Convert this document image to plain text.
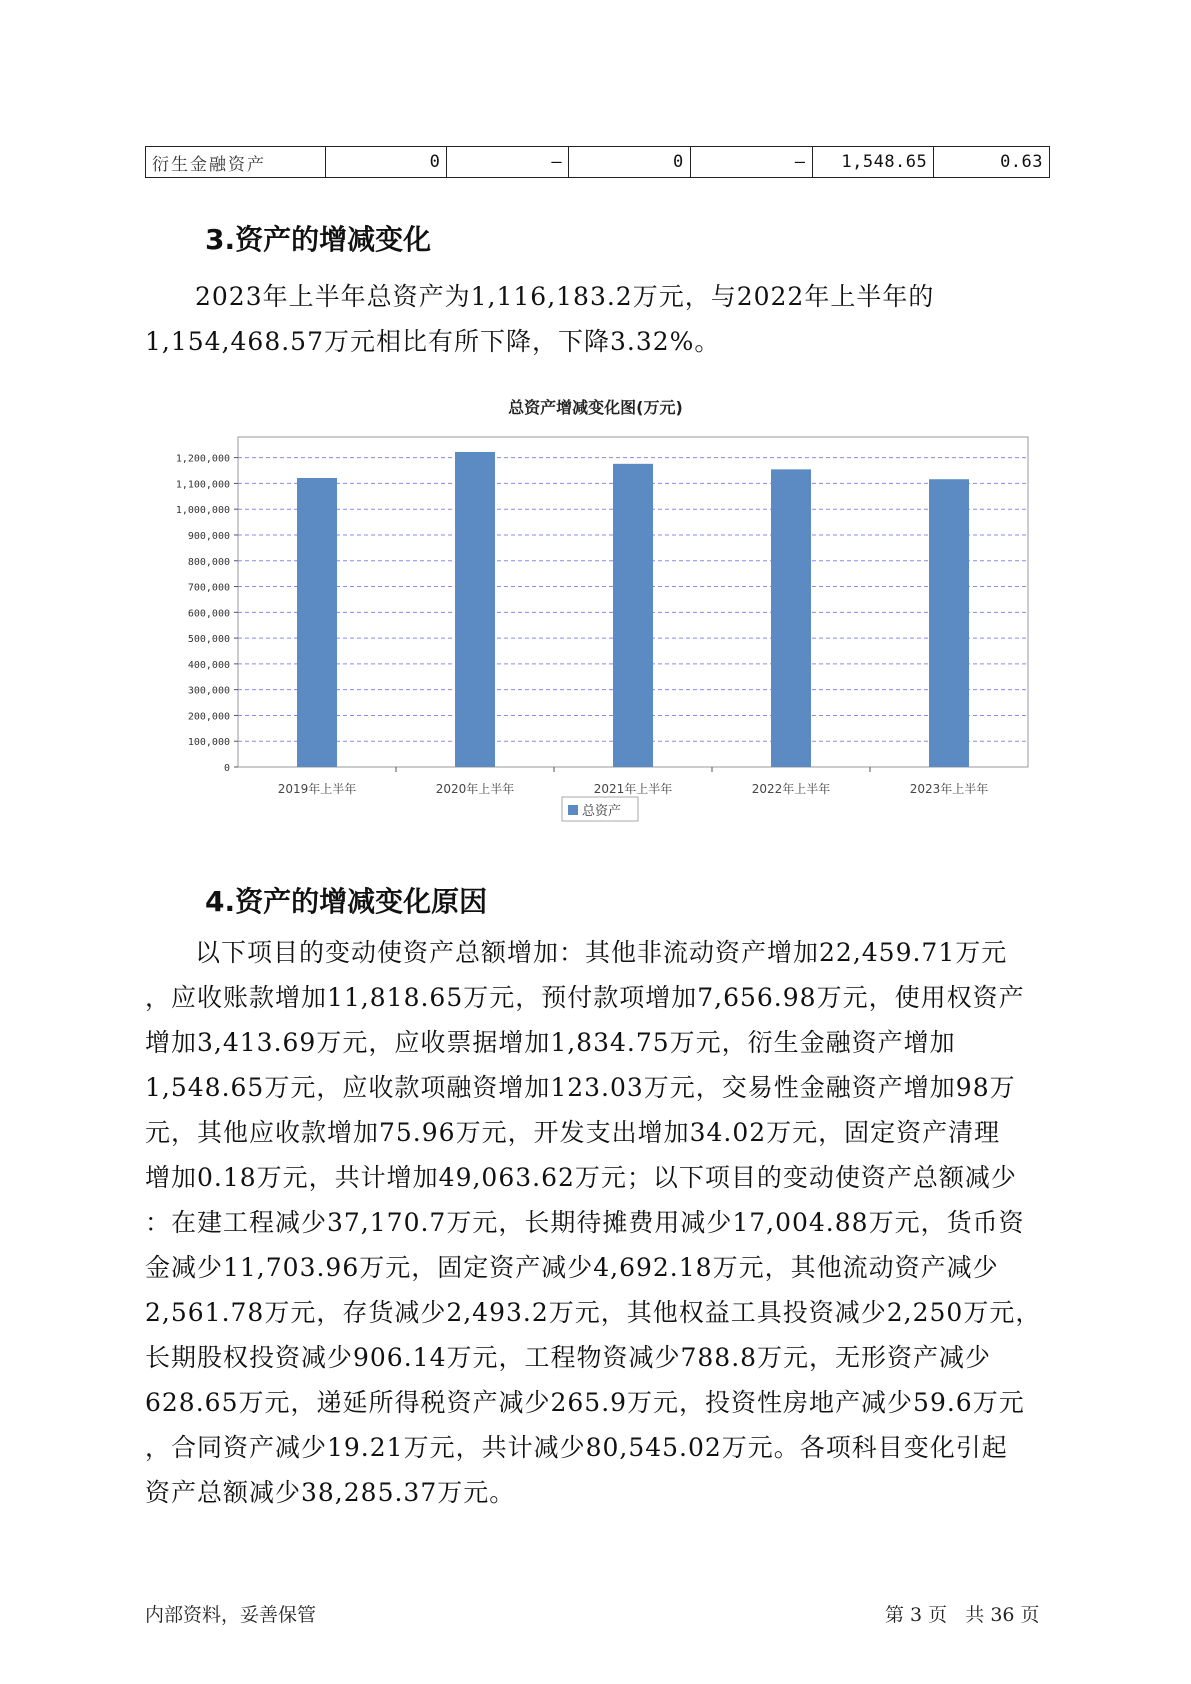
衍生金融资产	0	–	0	–	1,548.65	0.63
3.资产的增减变化
2023年上半年总资产为1,116,183.2万元，与2022年上半年的
1,154,468.57万元相比有所下降，下降3.32%。
总资产增减变化图(万元)
0
100,000
200,000
300,000
400,000
500,000
600,000
700,000
800,000
900,000
1,000,000
1,100,000
1,200,000
2019年上半年	2020年上半年	2021年上半年	2022年上半年	2023年上半年
总资产
4.资产的增减变化原因
以下项目的变动使资产总额增加：其他非流动资产增加22,459.71万元
，应收账款增加11,818.65万元，预付款项增加7,656.98万元，使用权资产
增加3,413.69万元，应收票据增加1,834.75万元，衍生金融资产增加
1,548.65万元，应收款项融资增加123.03万元，交易性金融资产增加98万
元，其他应收款增加75.96万元，开发支出增加34.02万元，固定资产清理
增加0.18万元，共计增加49,063.62万元；以下项目的变动使资产总额减少
：在建工程减少37,170.7万元，长期待摊费用减少17,004.88万元，货币资
金减少11,703.96万元，固定资产减少4,692.18万元，其他流动资产减少
2,561.78万元，存货减少2,493.2万元，其他权益工具投资减少2,250万元，
长期股权投资减少906.14万元，工程物资减少788.8万元，无形资产减少
628.65万元，递延所得税资产减少265.9万元，投资性房地产减少59.6万元
，合同资产减少19.21万元，共计减少80,545.02万元。各项科目变化引起
资产总额减少38,285.37万元。
内部资料，妥善保管	第 3 页   共 36 页
